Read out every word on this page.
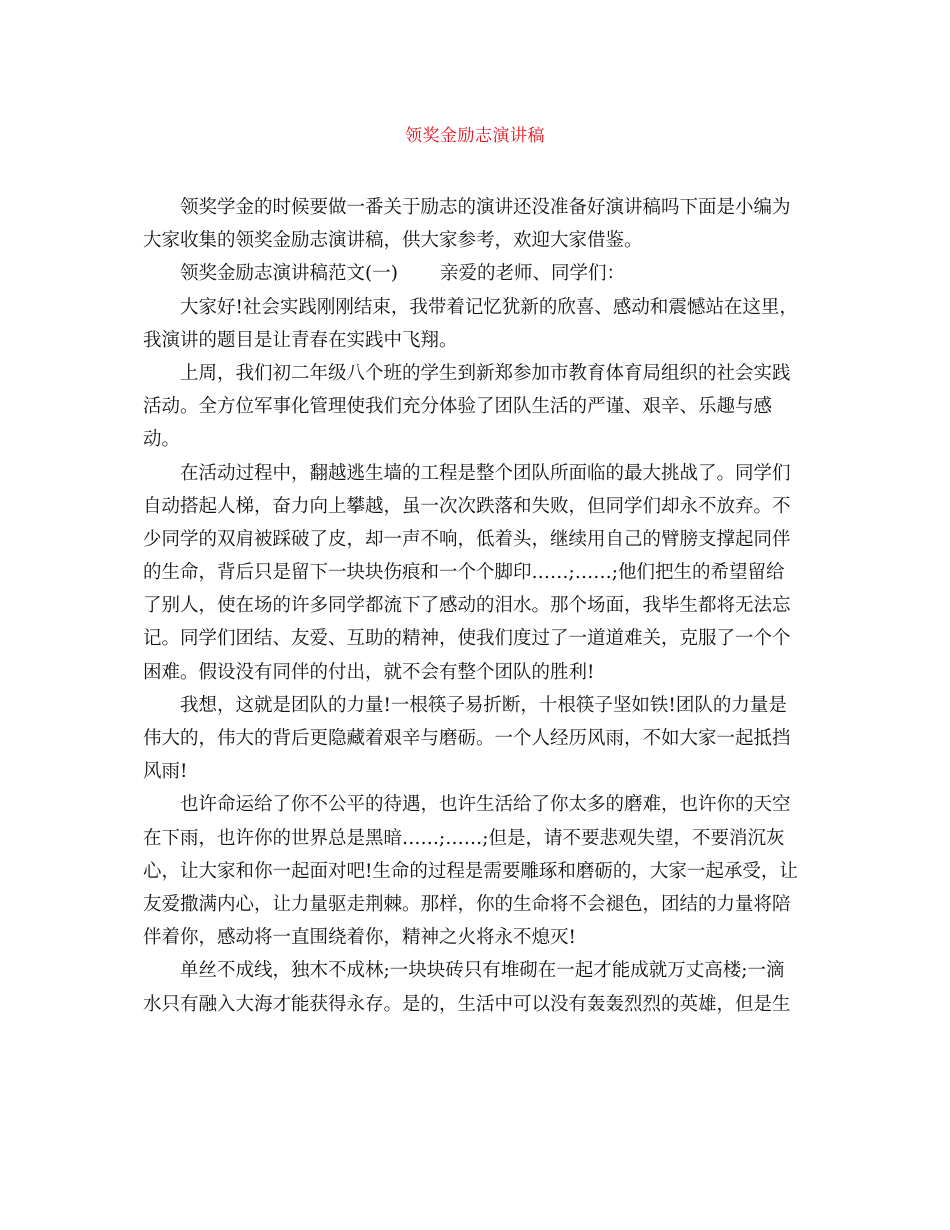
领奖金励志演讲稿
领奖学金的时候要做一番关于励志的演讲还没准备好演讲稿吗下面是小编为
大家收集的领奖金励志演讲稿，供大家参考，欢迎大家借鉴。
领奖金励志演讲稿范文(一) 亲爱的老师、同学们：
大家好!社会实践刚刚结束，我带着记忆犹新的欣喜、感动和震憾站在这里，
我演讲的题目是让青春在实践中飞翔。
上周，我们初二年级八个班的学生到新郑参加市教育体育局组织的社会实践
活动。全方位军事化管理使我们充分体验了团队生活的严谨、艰辛、乐趣与感
动。
在活动过程中，翻越逃生墙的工程是整个团队所面临的最大挑战了。同学们
自动搭起人梯，奋力向上攀越，虽一次次跌落和失败，但同学们却永不放弃。不
少同学的双肩被踩破了皮，却一声不响，低着头，继续用自己的臂膀支撑起同伴
的生命，背后只是留下一块块伤痕和一个个脚印……;……;他们把生的希望留给
了别人，使在场的许多同学都流下了感动的泪水。那个场面，我毕生都将无法忘
记。同学们团结、友爱、互助的精神，使我们度过了一道道难关，克服了一个个
困难。假设没有同伴的付出，就不会有整个团队的胜利!
我想，这就是团队的力量!一根筷子易折断，十根筷子坚如铁!团队的力量是
伟大的，伟大的背后更隐藏着艰辛与磨砺。一个人经历风雨，不如大家一起抵挡
风雨!
也许命运给了你不公平的待遇，也许生活给了你太多的磨难，也许你的天空
在下雨，也许你的世界总是黑暗……;……;但是，请不要悲观失望，不要消沉灰
心，让大家和你一起面对吧!生命的过程是需要雕琢和磨砺的，大家一起承受，让
友爱撒满内心，让力量驱走荆棘。那样，你的生命将不会褪色，团结的力量将陪
伴着你，感动将一直围绕着你，精神之火将永不熄灭!
单丝不成线，独木不成林;一块块砖只有堆砌在一起才能成就万丈高楼;一滴
水只有融入大海才能获得永存。是的，生活中可以没有轰轰烈烈的英雄，但是生
